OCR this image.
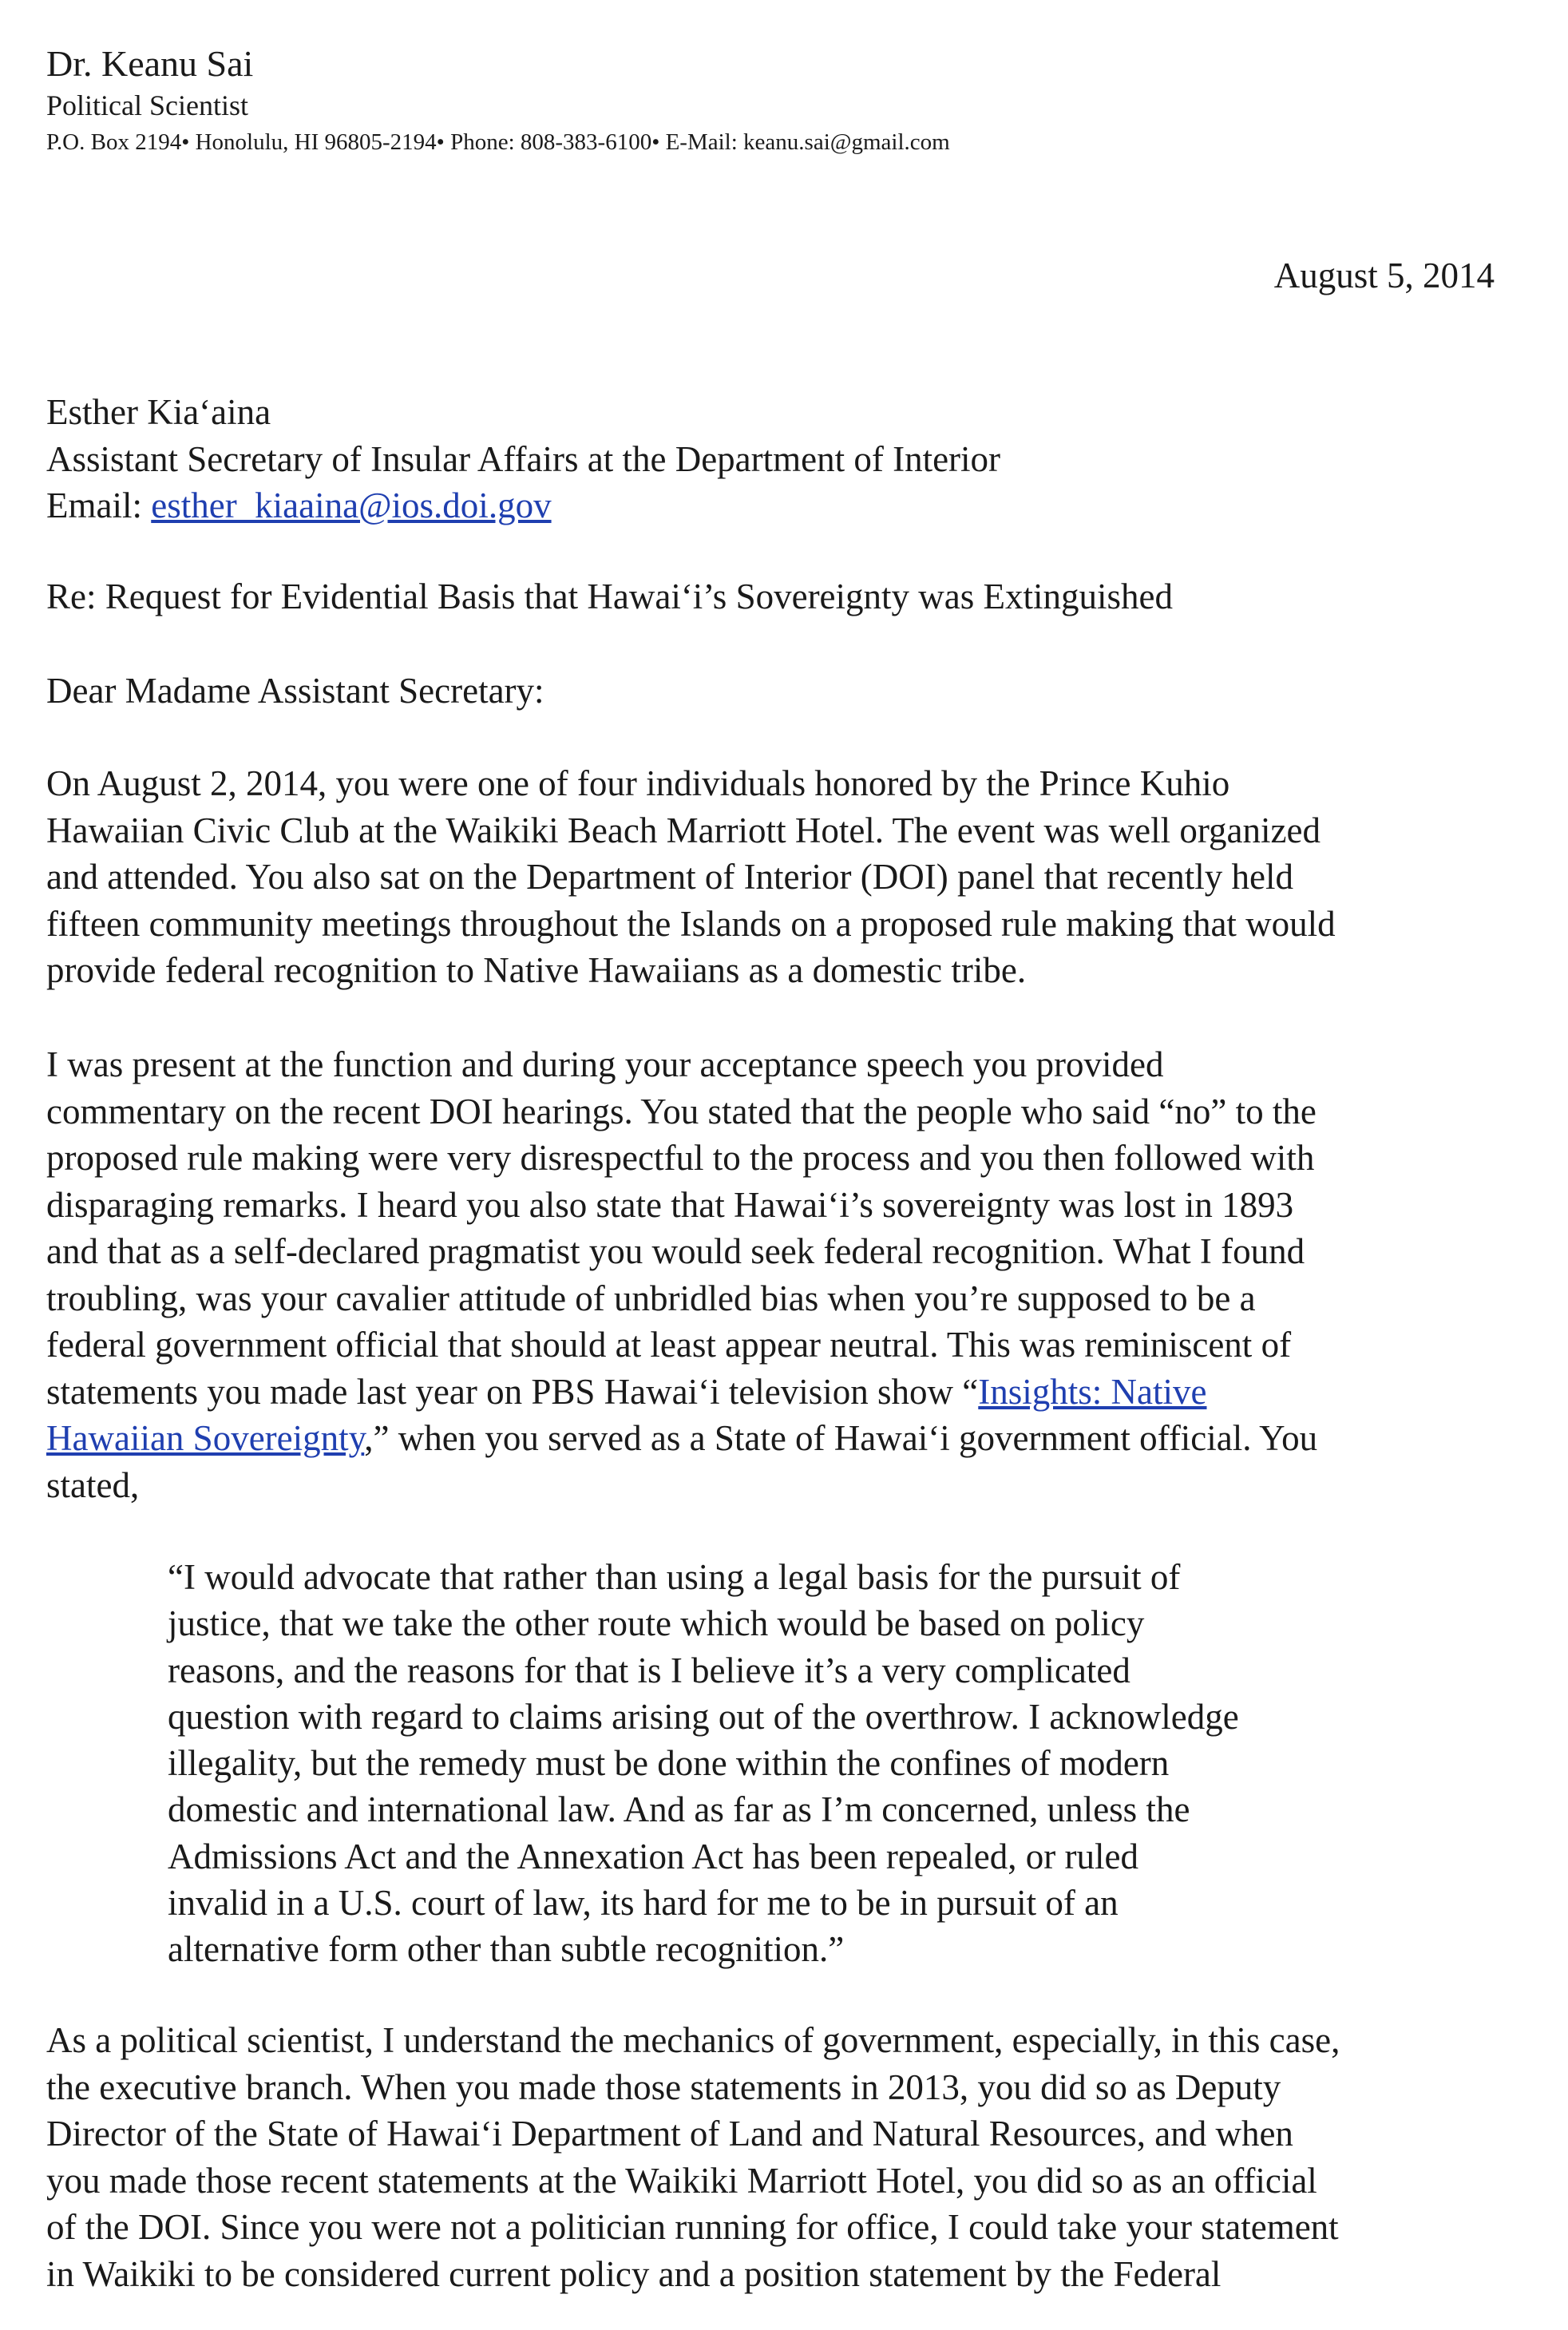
Dr. Keanu Sai
Political Scientist
P.O. Box 2194• Honolulu, HI 96805-2194• Phone: 808-383-6100• E-Mail: keanu.sai@gmail.com
August 5, 2014
Esther Kia‘aina
Assistant Secretary of Insular Affairs at the Department of Interior
Email: esther_kiaaina@ios.doi.gov
Re: Request for Evidential Basis that Hawai‘i’s Sovereignty was Extinguished
Dear Madame Assistant Secretary:
On August 2, 2014, you were one of four individuals honored by the Prince Kuhio
Hawaiian Civic Club at the Waikiki Beach Marriott Hotel. The event was well organized
and attended. You also sat on the Department of Interior (DOI) panel that recently held
fifteen community meetings throughout the Islands on a proposed rule making that would
provide federal recognition to Native Hawaiians as a domestic tribe.
I was present at the function and during your acceptance speech you provided
commentary on the recent DOI hearings. You stated that the people who said “no” to the
proposed rule making were very disrespectful to the process and you then followed with
disparaging remarks. I heard you also state that Hawai‘i’s sovereignty was lost in 1893
and that as a self-declared pragmatist you would seek federal recognition. What I found
troubling, was your cavalier attitude of unbridled bias when you’re supposed to be a
federal government official that should at least appear neutral. This was reminiscent of
statements you made last year on PBS Hawai‘i television show “Insights: Native
Hawaiian Sovereignty,” when you served as a State of Hawai‘i government official. You
stated,
“I would advocate that rather than using a legal basis for the pursuit of
justice, that we take the other route which would be based on policy
reasons, and the reasons for that is I believe it’s a very complicated
question with regard to claims arising out of the overthrow. I acknowledge
illegality, but the remedy must be done within the confines of modern
domestic and international law. And as far as I’m concerned, unless the
Admissions Act and the Annexation Act has been repealed, or ruled
invalid in a U.S. court of law, its hard for me to be in pursuit of an
alternative form other than subtle recognition.”
As a political scientist, I understand the mechanics of government, especially, in this case,
the executive branch. When you made those statements in 2013, you did so as Deputy
Director of the State of Hawai‘i Department of Land and Natural Resources, and when
you made those recent statements at the Waikiki Marriott Hotel, you did so as an official
of the DOI. Since you were not a politician running for office, I could take your statement
in Waikiki to be considered current policy and a position statement by the Federal
